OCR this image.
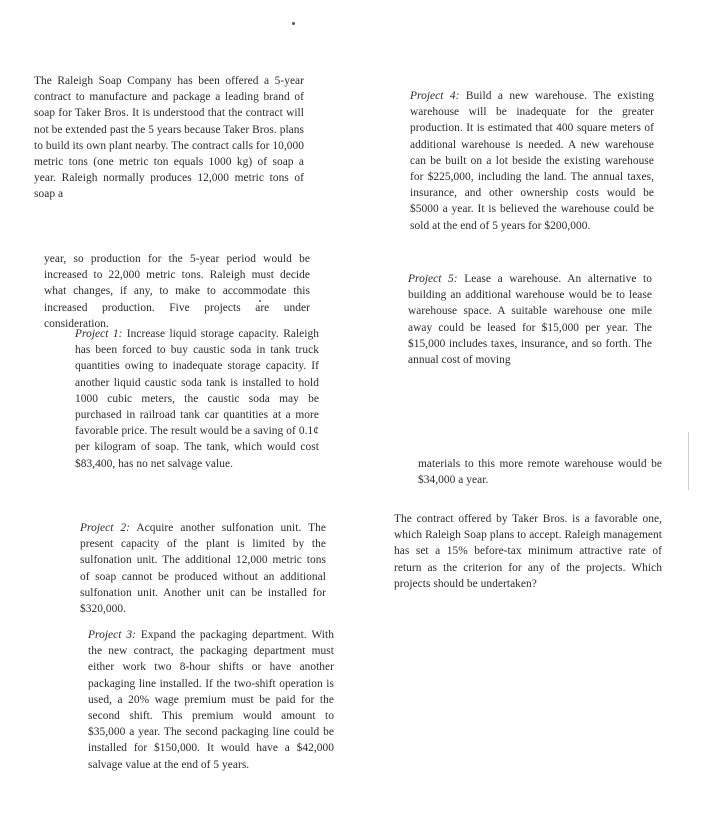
The Raleigh Soap Company has been offered a 5-year contract to manufacture and package a leading brand of soap for Taker Bros. It is understood that the contract will not be extended past the 5 years because Taker Bros. plans to build its own plant nearby. The contract calls for 10,000 metric tons (one metric ton equals 1000 kg) of soap a year. Raleigh normally produces 12,000 metric tons of soap a

year, so production for the 5-year period would be increased to 22,000 metric tons. Raleigh must decide what changes, if any, to make to accommodate this increased production. Five projects are under consideration.

Project 1: Increase liquid storage capacity. Raleigh has been forced to buy caustic soda in tank truck quantities owing to inadequate storage capacity. If another liquid caustic soda tank is installed to hold 1000 cubic meters, the caustic soda may be purchased in railroad tank car quantities at a more favorable price. The result would be a saving of 0.1¢ per kilogram of soap. The tank, which would cost $83,400, has no net salvage value.

Project 2: Acquire another sulfonation unit. The present capacity of the plant is limited by the sulfonation unit. The additional 12,000 metric tons of soap cannot be produced without an additional sulfonation unit. Another unit can be installed for $320,000.

Project 3: Expand the packaging department. With the new contract, the packaging department must either work two 8-hour shifts or have another packaging line installed. If the two-shift operation is used, a 20% wage premium must be paid for the second shift. This premium would amount to $35,000 a year. The second packaging line could be installed for $150,000. It would have a $42,000 salvage value at the end of 5 years.

Project 4: Build a new warehouse. The existing warehouse will be inadequate for the greater production. It is estimated that 400 square meters of additional warehouse is needed. A new warehouse can be built on a lot beside the existing warehouse for $225,000, including the land. The annual taxes, insurance, and other ownership costs would be $5000 a year. It is believed the warehouse could be sold at the end of 5 years for $200,000.

Project 5: Lease a warehouse. An alternative to building an additional warehouse would be to lease warehouse space. A suitable warehouse one mile away could be leased for $15,000 per year. The $15,000 includes taxes, insurance, and so forth. The annual cost of moving

materials to this more remote warehouse would be $34,000 a year.

The contract offered by Taker Bros. is a favorable one, which Raleigh Soap plans to accept. Raleigh management has set a 15% before-tax minimum attractive rate of return as the criterion for any of the projects. Which projects should be undertaken?
